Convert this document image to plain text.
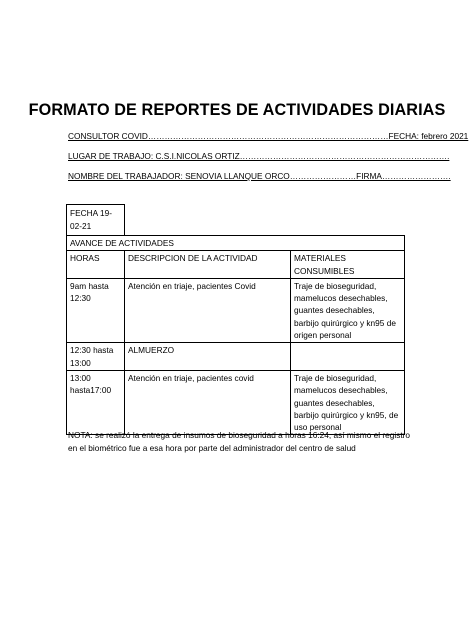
FORMATO DE REPORTES DE ACTIVIDADES DIARIAS
CONSULTOR COVID……………………………………………………………………………FECHA: febrero 2021
LUGAR DE TRABAJO: C.S.I.NICOLAS ORTIZ………………………………………………………………….
NOMBRE DEL TRABAJADOR: SENOVIA LLANQUE ORCO……………………FIRMA…………………….
FECHA 19-02-21
AVANCE DE ACTIVIDADES		
HORAS	DESCRIPCION DE LA ACTIVIDAD	MATERIALES CONSUMIBLES
9am hasta 12:30	Atención en triaje, pacientes Covid	Traje de bioseguridad, mamelucos desechables, guantes desechables, barbijo quirúrgico y kn95 de origen personal
12:30 hasta 13:00	ALMUERZO	
13:00 hasta17:00	Atención en triaje, pacientes covid	Traje de bioseguridad, mamelucos desechables, guantes desechables, barbijo quirúrgico y kn95, de uso personal
NOTA: se realizó la entrega de insumos de bioseguridad a horas 16:24, así mismo el registro en el biométrico fue a esa hora por parte del administrador del centro de salud
